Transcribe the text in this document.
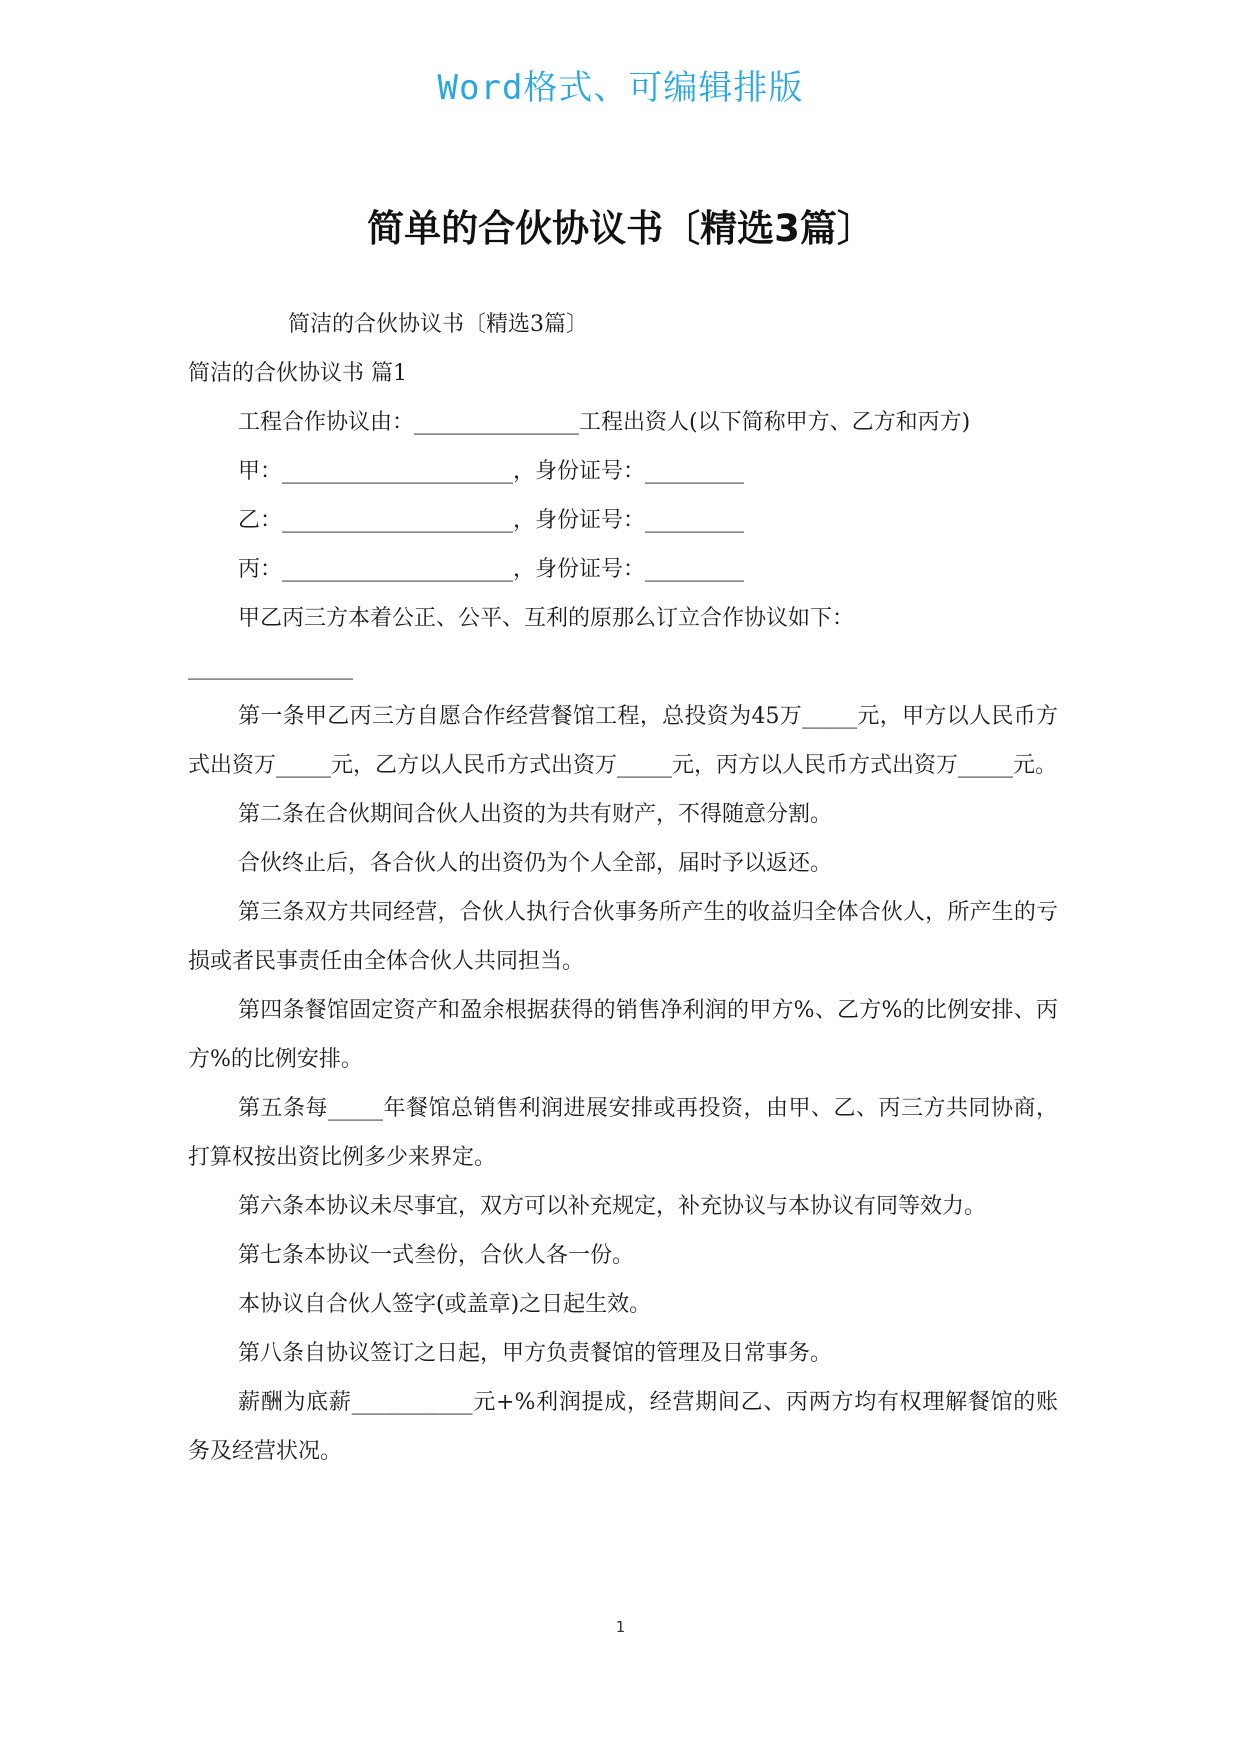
Word格式、可编辑排版
简单的合伙协议书〔精选3篇〕

简洁的合伙协议书〔精选3篇〕

简洁的合伙协议书 篇1

工程合作协议由：_______________工程出资人(以下简称甲方、乙方和丙方)

甲：_____________________，身份证号：_________

乙：_____________________，身份证号：_________

丙：_____________________，身份证号：_________

甲乙丙三方本着公正、公平、互利的原那么订立合作协议如下：

_______________

第一条甲乙丙三方自愿合作经营餐馆工程，总投资为45万_____元，甲方以人民币方式出资万_____元，乙方以人民币方式出资万_____元，丙方以人民币方式出资万_____元。

第二条在合伙期间合伙人出资的为共有财产，不得随意分割。

合伙终止后，各合伙人的出资仍为个人全部，届时予以返还。

第三条双方共同经营，合伙人执行合伙事务所产生的收益归全体合伙人，所产生的亏损或者民事责任由全体合伙人共同担当。

第四条餐馆固定资产和盈余根据获得的销售净利润的甲方%、乙方%的比例安排、丙方%的比例安排。

第五条每_____年餐馆总销售利润进展安排或再投资，由甲、乙、丙三方共同协商，打算权按出资比例多少来界定。

第六条本协议未尽事宜，双方可以补充规定，补充协议与本协议有同等效力。

第七条本协议一式叁份，合伙人各一份。

本协议自合伙人签字(或盖章)之日起生效。

第八条自协议签订之日起，甲方负责餐馆的管理及日常事务。

薪酬为底薪___________元+%利润提成，经营期间乙、丙两方均有权理解餐馆的账务及经营状况。

1
